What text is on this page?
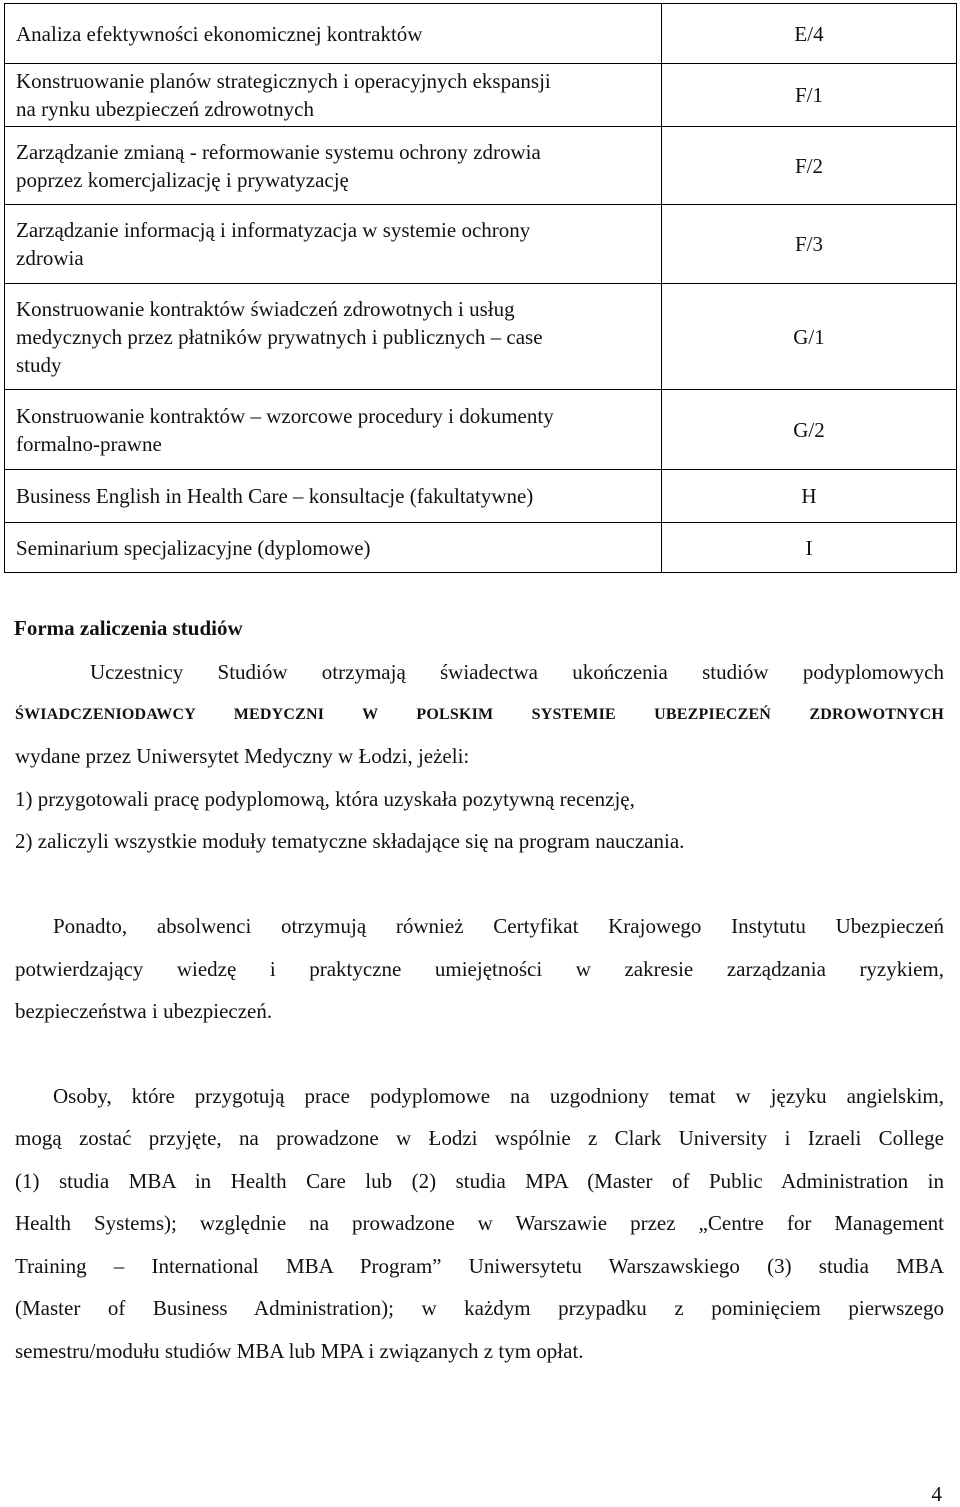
Analiza efektywności ekonomicznej kontraktów	E/4

Konstruowanie planów strategicznych i operacyjnych ekspansji
na rynku ubezpieczeń zdrowotnych	F/1

Zarządzanie zmianą - reformowanie systemu ochrony zdrowia
poprzez komercjalizację i prywatyzację	F/2

Zarządzanie informacją i informatyzacja w systemie ochrony
zdrowia	F/3

Konstruowanie kontraktów świadczeń zdrowotnych i usług
medycznych przez płatników prywatnych i publicznych – case
study	G/1

Konstruowanie kontraktów – wzorcowe procedury i dokumenty
formalno-prawne	G/2

Business English in Health Care – konsultacje (fakultatywne)	H

Seminarium specjalizacyjne (dyplomowe)	I
Forma zaliczenia studiów
Uczestnicy Studiów otrzymają świadectwa ukończenia studiów podyplomowych
ŚWIADCZENIODAWCY MEDYCZNI W POLSKIM SYSTEMIE UBEZPIECZEŃ ZDROWOTNYCH
wydane przez Uniwersytet Medyczny w Łodzi, jeżeli:
1) przygotowali pracę podyplomową, która uzyskała pozytywną recenzję,
2) zaliczyli wszystkie moduły tematyczne składające się na program nauczania.
Ponadto, absolwenci otrzymują również Certyfikat Krajowego Instytutu Ubezpieczeń
potwierdzający wiedzę i praktyczne umiejętności w zakresie zarządzania ryzykiem,
bezpieczeństwa i ubezpieczeń.
Osoby, które przygotują prace podyplomowe na uzgodniony temat w języku angielskim,
mogą zostać przyjęte, na prowadzone w Łodzi wspólnie z Clark University i Izraeli College
(1) studia MBA in Health Care lub (2) studia MPA (Master of Public Administration in
Health Systems); względnie na prowadzone w Warszawie przez „Centre for Management
Training – International MBA Program” Uniwersytetu Warszawskiego (3) studia MBA
(Master of Business Administration); w każdym przypadku z pominięciem pierwszego
semestru/modułu studiów MBA lub MPA i związanych z tym opłat.
4
